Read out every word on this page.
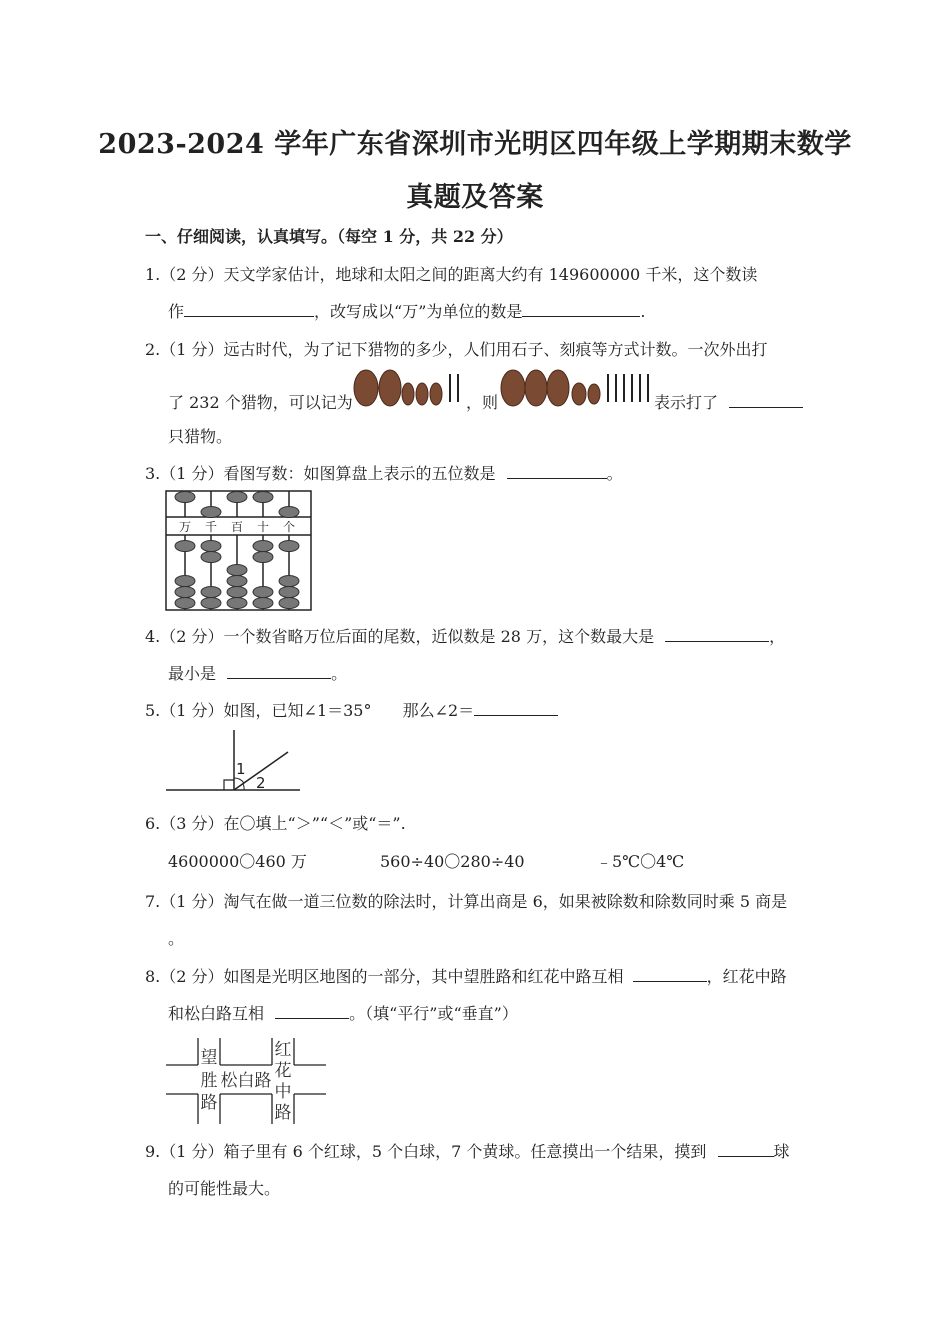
2023-2024 学年广东省深圳市光明区四年级上学期期末数学
真题及答案
一、仔细阅读，认真填写。（每空 1 分，共 22 分）
1.（2 分）天文学家估计，地球和太阳之间的距离大约有 149600000 千米，这个数读
作	，改写成以“万”为单位的数是	.
2.（1 分）远古时代，为了记下猎物的多少，人们用石子、刻痕等方式计数。一次外出打
了 232 个猎物，可以记为	，则	表示打了
只猎物。
3.（1 分）看图写数：如图算盘上表示的五位数是	。
万 千 百 十 个
4.（2 分）一个数省略万位后面的尾数，近似数是 28 万，这个数最大是	，
最小是	。
5.（1 分）如图，已知∠1＝35° 那么∠2＝
1
2
6.（3 分）在〇填上“＞”“＜”或“＝”.
4600000〇460 万	560÷40〇280÷40	﹣5℃〇4℃
7.（1 分）淘气在做一道三位数的除法时，计算出商是 6，如果被除数和除数同时乘 5 商是
。
8.（2 分）如图是光明区地图的一部分，其中望胜路和红花中路互相	，红花中路
和松白路互相	。（填“平行”或“垂直”）
望
胜
路
松白路
红
花
中
路
9.（1 分）箱子里有 6 个红球，5 个白球，7 个黄球。任意摸出一个结果，摸到	球
的可能性最大。
